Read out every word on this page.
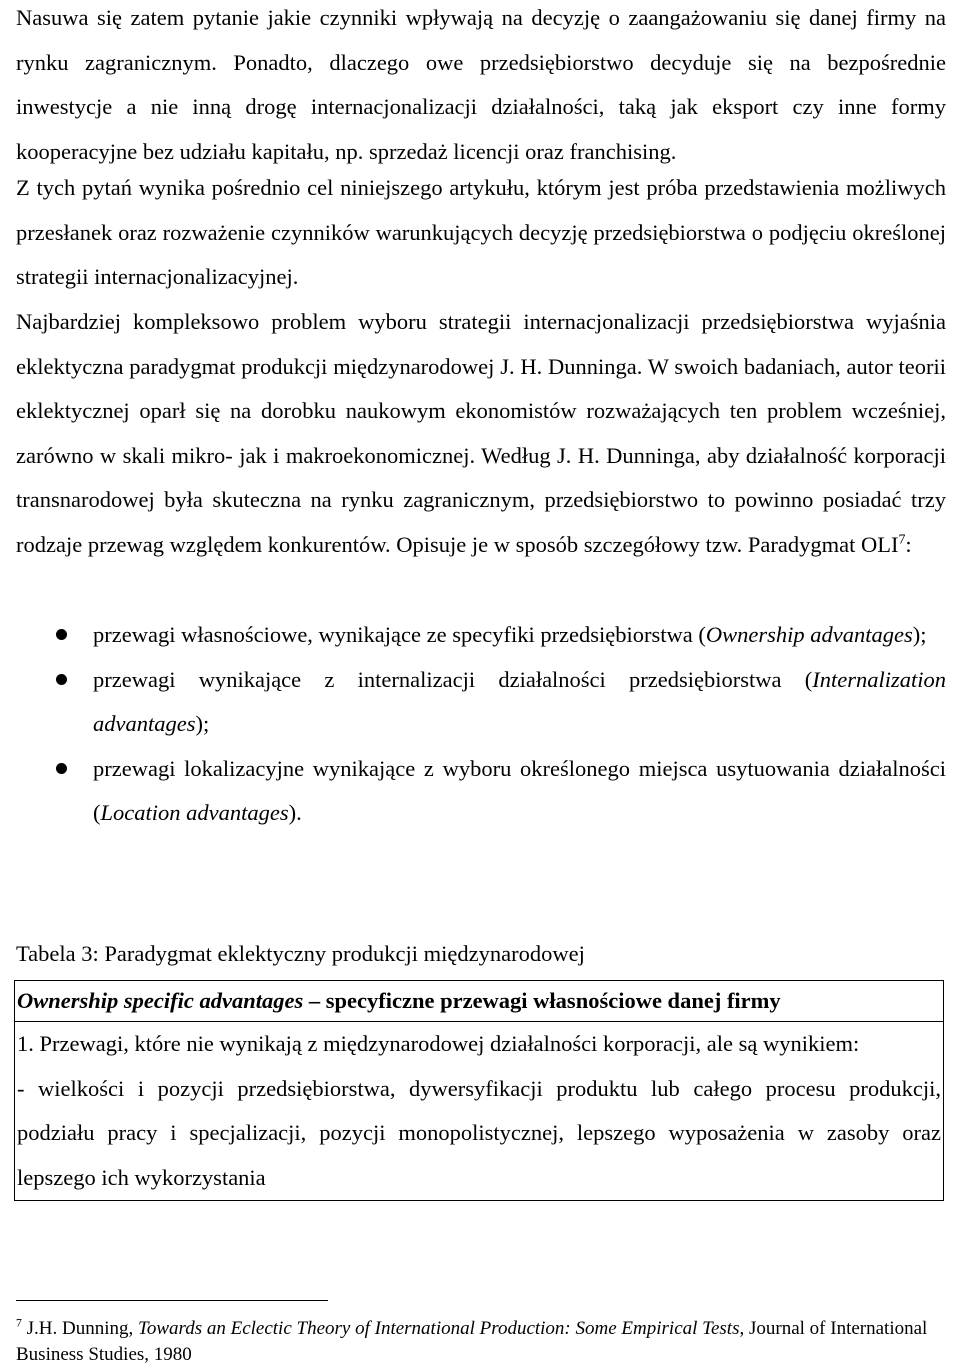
Nasuwa się zatem pytanie jakie czynniki wpływają na decyzję o zaangażowaniu się danej firmy na rynku zagranicznym. Ponadto, dlaczego owe przedsiębiorstwo decyduje się na bezpośrednie inwestycje a nie inną drogę internacjonalizacji działalności, taką jak eksport czy inne formy kooperacyjne bez udziału kapitału, np. sprzedaż licencji oraz franchising.

Z tych pytań wynika pośrednio cel niniejszego artykułu, którym jest próba przedstawienia możliwych przesłanek oraz rozważenie czynników warunkujących decyzję przedsiębiorstwa o podjęciu określonej strategii internacjonalizacyjnej.

Najbardziej kompleksowo problem wyboru strategii internacjonalizacji przedsiębiorstwa wyjaśnia eklektyczna paradygmat produkcji międzynarodowej J. H. Dunninga. W swoich badaniach, autor teorii eklektycznej oparł się na dorobku naukowym ekonomistów rozważających ten problem wcześniej, zarówno w skali mikro- jak i makroekonomicznej. Według J. H. Dunninga, aby działalność korporacji transnarodowej była skuteczna na rynku zagranicznym, przedsiębiorstwo to powinno posiadać trzy rodzaje przewag względem konkurentów. Opisuje je w sposób szczegółowy tzw. Paradygmat OLI$^7$:

przewagi własnościowe, wynikające ze specyfiki przedsiębiorstwa (Ownership advantages);
przewagi wynikające z internalizacji działalności przedsiębiorstwa (Internalization advantages);
przewagi lokalizacyjne wynikające z wyboru określonego miejsca usytuowania działalności (Location advantages).
Tabela 3: Paradygmat eklektyczny produkcji międzynarodowej
Ownership specific advantages – specyficzne przewagi własnościowe danej firmy

1. Przewagi, które nie wynikają z międzynarodowej działalności korporacji, ale są wynikiem:

- wielkości i pozycji przedsiębiorstwa, dywersyfikacji produktu lub całego procesu produkcji, podziału pracy i specjalizacji, pozycji monopolistycznej, lepszego wyposażenia w zasoby oraz lepszego ich wykorzystania

$^7$ J.H. Dunning, Towards an Eclectic Theory of International Production: Some Empirical Tests, Journal of International Business Studies, 1980
